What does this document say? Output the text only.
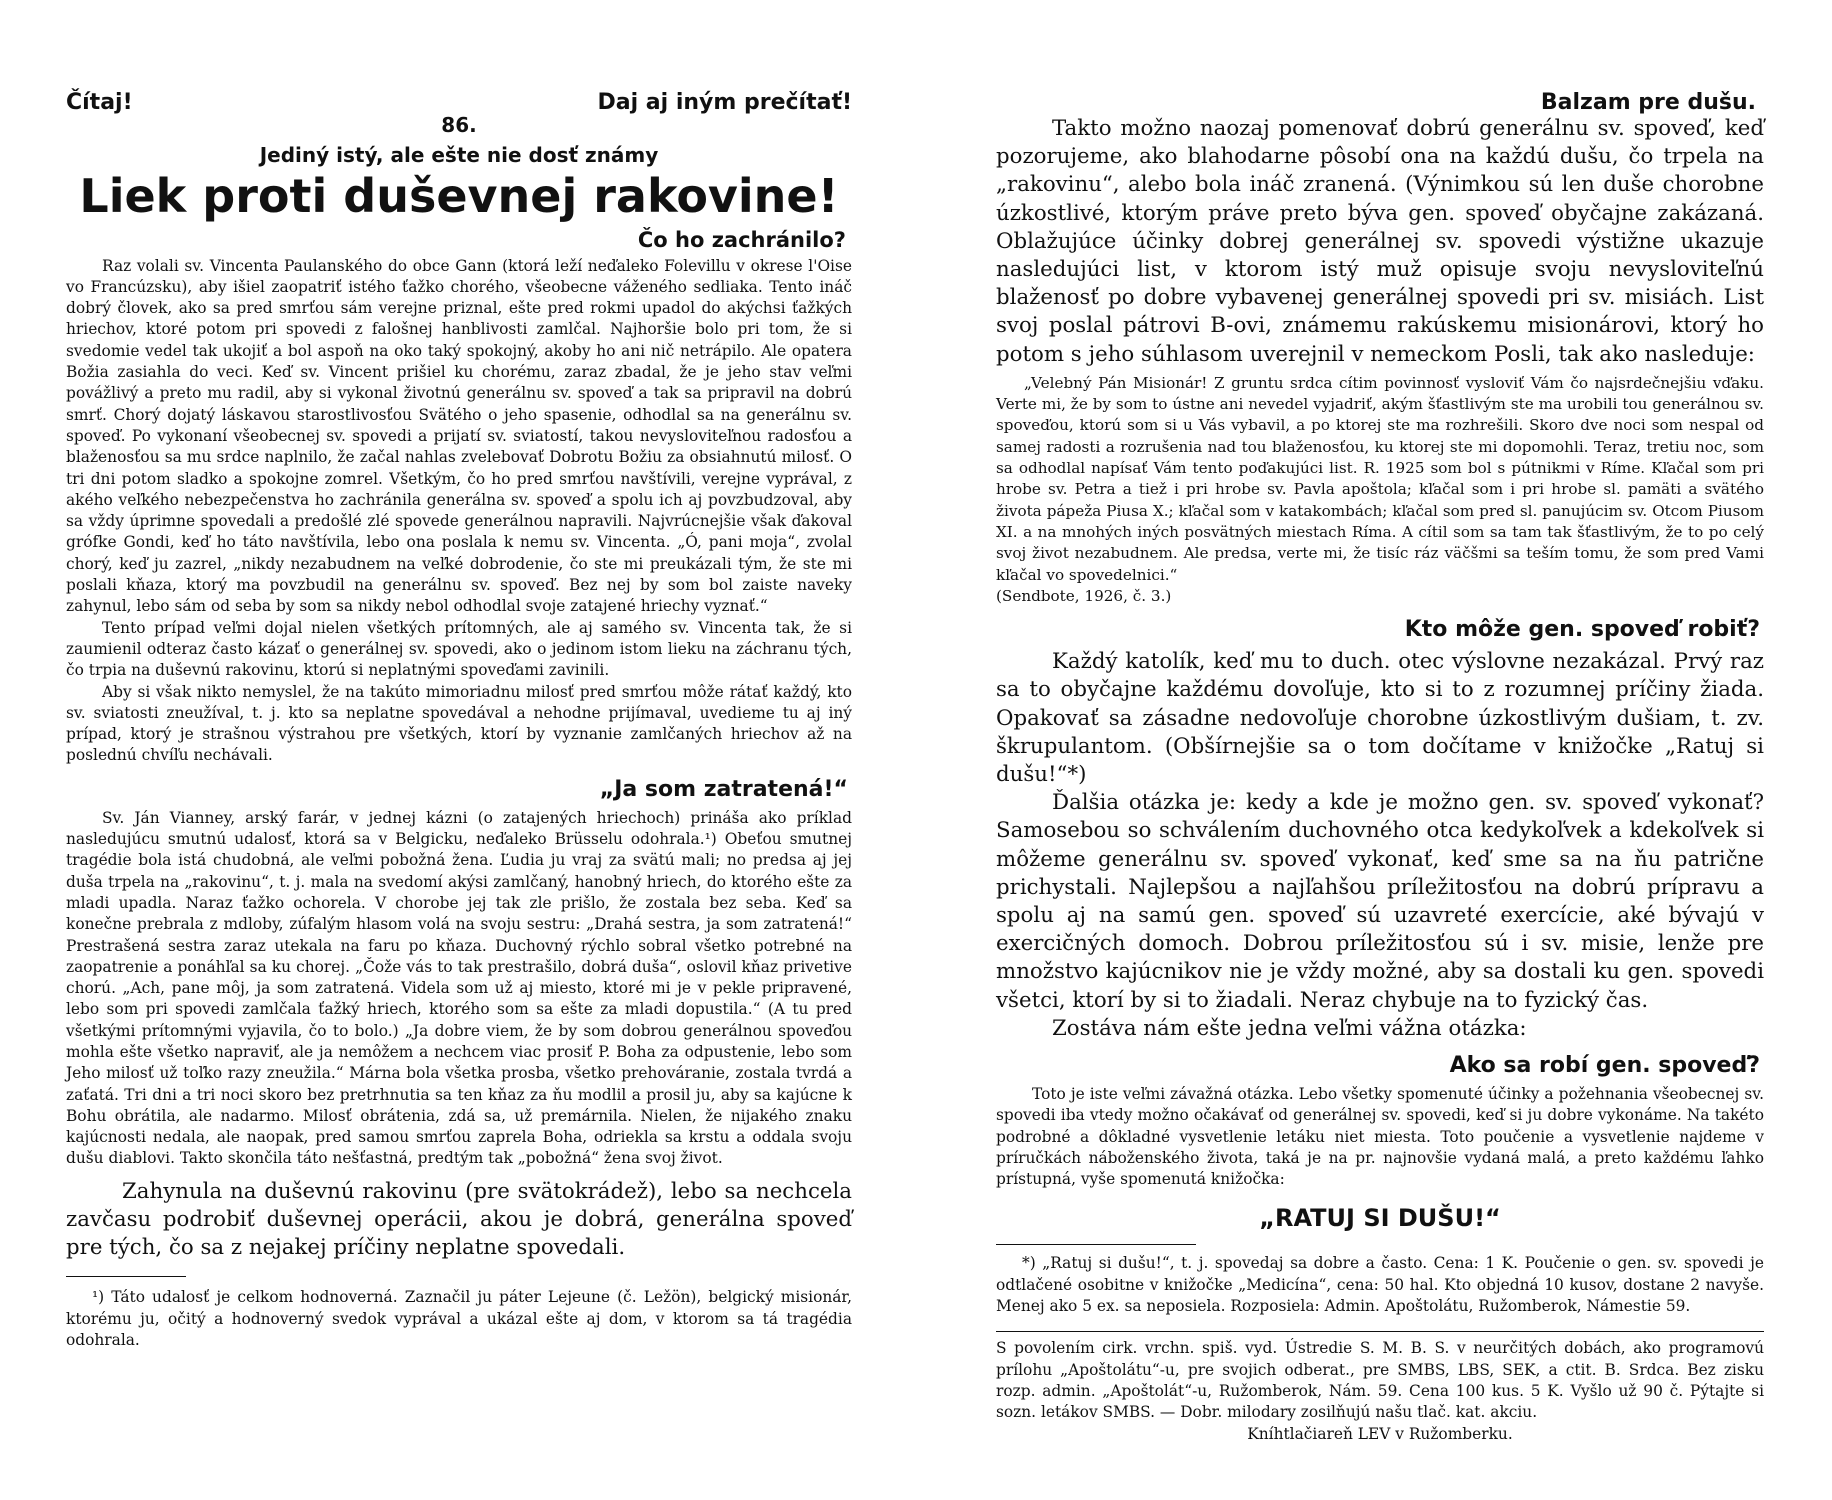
Čítaj!	Daj aj iným prečítať!
86.
Jediný istý, ale ešte nie dosť známy
Liek proti duševnej rakovine!
Čo ho zachránilo?

Raz volali sv. Vincenta Paulanského do obce Gann (ktorá leží neďaleko Folevillu v okrese l'Oise vo Francúzsku), aby išiel zaopatriť istého ťažko chorého, všeobecne váženého sedliaka. Tento ináč dobrý človek, ako sa pred smrťou sám verejne priznal, ešte pred rokmi upadol do akýchsi ťažkých hriechov, ktoré potom pri spovedi z falošnej hanblivosti zamlčal. Najhoršie bolo pri tom, že si svedomie vedel tak ukojiť a bol aspoň na oko taký spokojný, akoby ho ani nič netrápilo. Ale opatera Božia zasiahla do veci. Keď sv. Vincent prišiel ku chorému, zaraz zbadal, že je jeho stav veľmi povážlivý a preto mu radil, aby si vykonal životnú generálnu sv. spoveď a tak sa pripravil na dobrú smrť. Chorý dojatý láskavou starostlivosťou Svätého o jeho spasenie, odhodlal sa na generálnu sv. spoveď. Po vykonaní všeobecnej sv. spovedi a prijatí sv. sviatostí, takou nevysloviteľnou radosťou a blaženosťou sa mu srdce naplnilo, že začal nahlas zvelebovať Dobrotu Božiu za obsiahnutú milosť. O tri dni potom sladko a spokojne zomrel. Všetkým, čo ho pred smrťou navštívili, verejne vyprával, z akého veľkého nebezpečenstva ho zachránila generálna sv. spoveď a spolu ich aj povzbudzoval, aby sa vždy úprimne spovedali a predošlé zlé spovede generálnou napravili. Najvrúcnejšie však ďakoval grófke Gondi, keď ho táto navštívila, lebo ona poslala k nemu sv. Vincenta. „Ó, pani moja“, zvolal chorý, keď ju zazrel, „nikdy nezabudnem na veľké dobrodenie, čo ste mi preukázali tým, že ste mi poslali kňaza, ktorý ma povzbudil na generálnu sv. spoveď. Bez nej by som bol zaiste naveky zahynul, lebo sám od seba by som sa nikdy nebol odhodlal svoje zatajené hriechy vyznať.“

Tento prípad veľmi dojal nielen všetkých prítomných, ale aj samého sv. Vincenta tak, že si zaumienil odteraz často kázať o generálnej sv. spovedi, ako o jedinom istom lieku na záchranu tých, čo trpia na duševnú rakovinu, ktorú si neplatnými spoveďami zavinili.

Aby si však nikto nemyslel, že na takúto mimoriadnu milosť pred smrťou môže rátať každý, kto sv. sviatosti zneužíval, t. j. kto sa neplatne spovedával a nehodne prijímaval, uvedieme tu aj iný prípad, ktorý je strašnou výstrahou pre všetkých, ktorí by vyznanie zamlčaných hriechov až na poslednú chvíľu nechávali.

„Ja som zatratená!“

Sv. Ján Vianney, arský farár, v jednej kázni (o zatajených hriechoch) prináša ako príklad nasledujúcu smutnú udalosť, ktorá sa v Belgicku, neďaleko Brüsselu odohrala.¹) Obeťou smutnej tragédie bola istá chudobná, ale veľmi pobožná žena. Ľudia ju vraj za svätú mali; no predsa aj jej duša trpela na „rakovinu“, t. j. mala na svedomí akýsi zamlčaný, hanobný hriech, do ktorého ešte za mladi upadla. Naraz ťažko ochorela. V chorobe jej tak zle prišlo, že zostala bez seba. Keď sa konečne prebrala z mdloby, zúfalým hlasom volá na svoju sestru: „Drahá sestra, ja som zatratená!“ Prestrašená sestra zaraz utekala na faru po kňaza. Duchovný rýchlo sobral všetko potrebné na zaopatrenie a ponáhľal sa ku chorej. „Čože vás to tak prestrašilo, dobrá duša“, oslovil kňaz privetive chorú. „Ach, pane môj, ja som zatratená. Videla som už aj miesto, ktoré mi je v pekle pripravené, lebo som pri spovedi zamlčala ťažký hriech, ktorého som sa ešte za mladi dopustila.“ (A tu pred všetkými prítomnými vyjavila, čo to bolo.) „Ja dobre viem, že by som dobrou generálnou spoveďou mohla ešte všetko napraviť, ale ja nemôžem a nechcem viac prosiť P. Boha za odpustenie, lebo som Jeho milosť už toľko razy zneužila.“ Márna bola všetka prosba, všetko prehováranie, zostala tvrdá a zaťatá. Tri dni a tri noci skoro bez pretrhnutia sa ten kňaz za ňu modlil a prosil ju, aby sa kajúcne k Bohu obrátila, ale nadarmo. Milosť obrátenia, zdá sa, už premárnila. Nielen, že nijakého znaku kajúcnosti nedala, ale naopak, pred samou smrťou zaprela Boha, odriekla sa krstu a oddala svoju dušu diablovi. Takto skončila táto nešťastná, predtým tak „pobožná“ žena svoj život.

Zahynula na duševnú rakovinu (pre svätokrádež), lebo sa nechcela zavčasu podrobiť duševnej operácii, akou je dobrá, generálna spoveď pre tých, čo sa z nejakej príčiny neplatne spovedali.

¹) Táto udalosť je celkom hodnoverná. Zaznačil ju páter Lejeune (č. Ležön), belgický misionár, ktorému ju, očitý a hodnoverný svedok vyprával a ukázal ešte aj dom, v ktorom sa tá tragédia odohrala.

Balzam pre dušu.

Takto možno naozaj pomenovať dobrú generálnu sv. spoveď, keď pozorujeme, ako blahodarne pôsobí ona na každú dušu, čo trpela na „rakovinu“, alebo bola ináč zranená. (Výnimkou sú len duše chorobne úzkostlivé, ktorým práve preto býva gen. spoveď obyčajne zakázaná. Oblažujúce účinky dobrej generálnej sv. spovedi výstižne ukazuje nasledujúci list, v ktorom istý muž opisuje svoju nevysloviteľnú blaženosť po dobre vybavenej generálnej spovedi pri sv. misiách. List svoj poslal pátrovi B-ovi, známemu rakúskemu misionárovi, ktorý ho potom s jeho súhlasom uverejnil v nemeckom Posli, tak ako nasleduje:

„Velebný Pán Misionár! Z gruntu srdca cítim povinnosť vysloviť Vám čo najsrdečnejšiu vďaku. Verte mi, že by som to ústne ani nevedel vyjadriť, akým šťastlivým ste ma urobili tou generálnou sv. spoveďou, ktorú som si u Vás vybavil, a po ktorej ste ma rozhrešili. Skoro dve noci som nespal od samej radosti a rozrušenia nad tou blaženosťou, ku ktorej ste mi dopomohli. Teraz, tretiu noc, som sa odhodlal napísať Vám tento poďakujúci list. R. 1925 som bol s pútnikmi v Ríme. Kľačal som pri hrobe sv. Petra a tiež i pri hrobe sv. Pavla apoštola; kľačal som i pri hrobe sl. pamäti a svätého života pápeža Piusa X.; kľačal som v katakombách; kľačal som pred sl. panujúcim sv. Otcom Piusom XI. a na mnohých iných posvätných miestach Ríma. A cítil som sa tam tak šťastlivým, že to po celý svoj život nezabudnem. Ale predsa, verte mi, že tisíc ráz väčšmi sa teším tomu, že som pred Vami kľačal vo spovedelnici.“

(Sendbote, 1926, č. 3.)

Kto môže gen. spoveď robiť?

Každý katolík, keď mu to duch. otec výslovne nezakázal. Prvý raz sa to obyčajne každému dovoľuje, kto si to z rozumnej príčiny žiada. Opakovať sa zásadne nedovoľuje chorobne úzkostlivým dušiam, t. zv. škrupulantom. (Obšírnejšie sa o tom dočítame v knižočke „Ratuj si dušu!“*)

Ďalšia otázka je: kedy a kde je možno gen. sv. spoveď vykonať? Samosebou so schválením duchovného otca kedykoľvek a kdekoľvek si môžeme generálnu sv. spoveď vykonať, keď sme sa na ňu patrične prichystali. Najlepšou a najľahšou príležitosťou na dobrú prípravu a spolu aj na samú gen. spoveď sú uzavreté exercície, aké bývajú v exercičných domoch. Dobrou príležitosťou sú i sv. misie, lenže pre množstvo kajúcnikov nie je vždy možné, aby sa dostali ku gen. spovedi všetci, ktorí by si to žiadali. Neraz chybuje na to fyzický čas.

Zostáva nám ešte jedna veľmi vážna otázka:

Ako sa robí gen. spoveď?

Toto je iste veľmi závažná otázka. Lebo všetky spomenuté účinky a požehnania všeobecnej sv. spovedi iba vtedy možno očakávať od generálnej sv. spovedi, keď si ju dobre vykonáme. Na takéto podrobné a dôkladné vysvetlenie letáku niet miesta. Toto poučenie a vysvetlenie najdeme v príručkách náboženského života, taká je na pr. najnovšie vydaná malá, a preto každému ľahko prístupná, vyše spomenutá knižočka:

„RATUJ SI DUŠU!“

*) „Ratuj si dušu!“, t. j. spovedaj sa dobre a často. Cena: 1 K. Poučenie o gen. sv. spovedi je odtlačené osobitne v knižočke „Medicína“, cena: 50 hal. Kto objedná 10 kusov, dostane 2 navyše. Menej ako 5 ex. sa neposiela. Rozposiela: Admin. Apoštolátu, Ružomberok, Námestie 59.

S povolením cirk. vrchn. spiš. vyd. Ústredie S. M. B. S. v neurčitých dobách, ako programovú prílohu „Apoštolátu“-u, pre svojich odberat., pre SMBS, LBS, SEK, a ctit. B. Srdca. Bez zisku rozp. admin. „Apoštolát“-u, Ružomberok, Nám. 59. Cena 100 kus. 5 K. Vyšlo už 90 č. Pýtajte si sozn. letákov SMBS. — Dobr. milodary zosilňujú našu tlač. kat. akciu.

Kníhtlačiareň LEV v Ružomberku.
